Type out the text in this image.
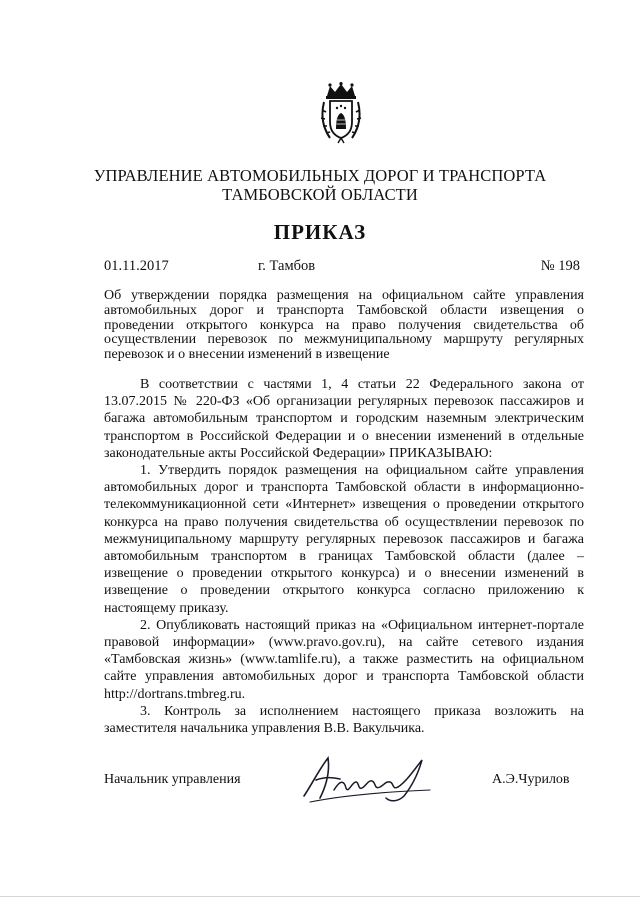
УПРАВЛЕНИЕ АВТОМОБИЛЬНЫХ ДОРОГ И ТРАНСПОРТА
ТАМБОВСКОЙ ОБЛАСТИ
ПРИКАЗ
01.11.2017	г. Тамбов	№ 198
Об утверждении порядка размещения на официальном сайте управления автомобильных дорог и транспорта Тамбовской области извещения о проведении открытого конкурса на право получения свидетельства об осуществлении перевозок по межмуниципальному маршруту регулярных перевозок и о внесении изменений в извещение

В соответствии с частями 1, 4 статьи 22 Федерального закона от 13.07.2015 № 220-ФЗ «Об организации регулярных перевозок пассажиров и багажа автомобильным транспортом и городским наземным электрическим транспортом в Российской Федерации и о внесении изменений в отдельные законодательные акты Российской Федерации» ПРИКАЗЫВАЮ:

1. Утвердить порядок размещения на официальном сайте управления автомобильных дорог и транспорта Тамбовской области в информационно-телекоммуникационной сети «Интернет» извещения о проведении открытого конкурса на право получения свидетельства об осуществлении перевозок по межмуниципальному маршруту регулярных перевозок пассажиров и багажа автомобильным транспортом в границах Тамбовской области (далее – извещение о проведении открытого конкурса) и о внесении изменений в извещение о проведении открытого конкурса согласно приложению к настоящему приказу.

2. Опубликовать настоящий приказ на «Официальном интернет-портале правовой информации» (www.pravo.gov.ru), на сайте сетевого издания «Тамбовская жизнь» (www.tamlife.ru), а также разместить на официальном сайте управления автомобильных дорог и транспорта Тамбовской области http://dortrans.tmbreg.ru.

3. Контроль за исполнением настоящего приказа возложить на заместителя начальника управления В.В. Вакульчика.

Начальник управления	А.Э.Чурилов
